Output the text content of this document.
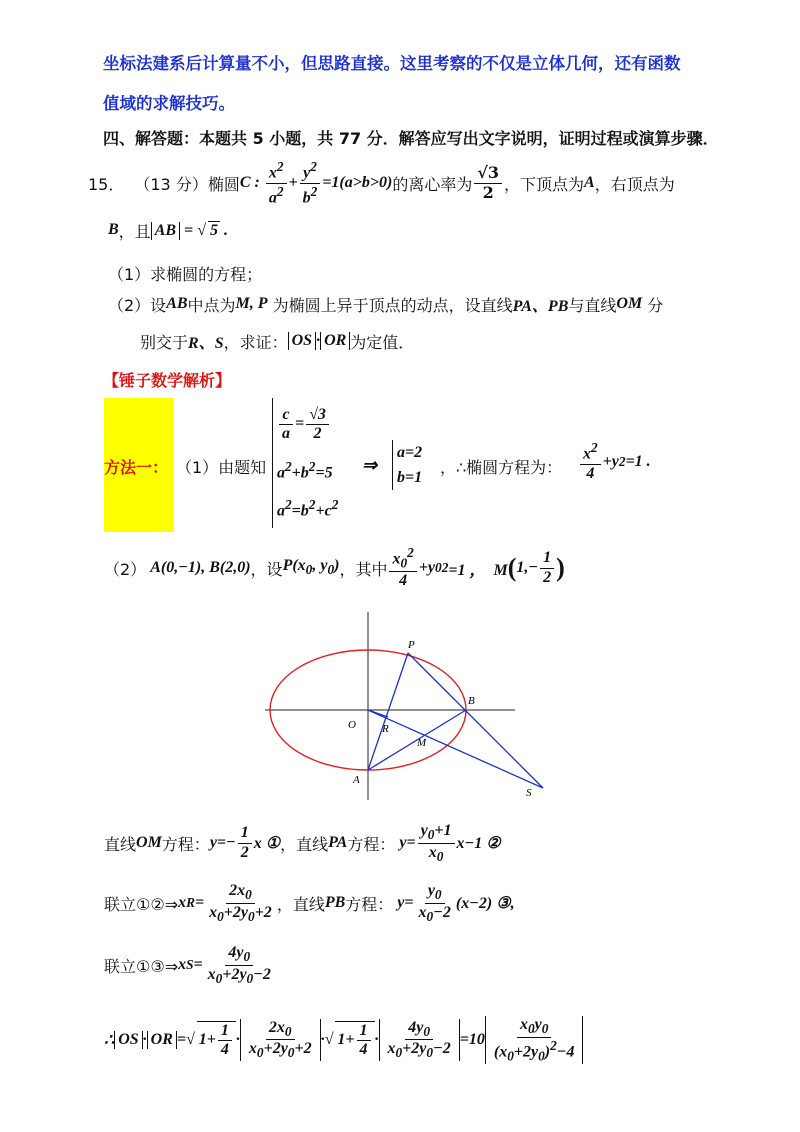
坐标法建系后计算量不小，但思路直接。这里考察的不仅是立体几何，还有函数
值域的求解技巧。
四、解答题：本题共 5 小题，共 77 分．解答应写出文字说明，证明过程或演算步骤．
15． （13 分） 椭圆 C : $\frac{x^2}{a^2} + \frac{y^2}{b^2} =1(a>b>0)$ 的离心率为 $\frac{√3}{2}$ ，下顶点为 A ，右顶点为
B ，且 AB = √ 5 .
（1）求椭圆的方程；
（2）设 AB 中点为 M, P
为椭圆上异于顶点的动点，设直线 PA、PB 与直线 OM
分
别交于 R、S ，求证： OS · OR 为定值．
【锤子数学解析】
方法一： （1）由题知
$\frac{c}{a} = \frac{√3}{2}$
$a^2+b^2=5$
$a^2=b^2+c^2$
⇒
a=2
b=1 ，∴椭圆方程为： $\frac{x^2}{4} +y$ 2 =1 .
（2） A(0,−1), B(2,0) ，设 $P(x_0$, $y_0$) ，其中 $\frac{x_0^2}{4} +y$ 0 2 =1 ，  M ( $1,- \frac{1}{2}$ )
P
B
O R
M
A
S
直线 OM 方程： $y=- \frac{1}{2}$ x ① ，直线 PA 方程： $y= \frac{y_0+1}{x_0} x-1$ ②
联立①②⇒ x $R = \frac{2x_0}{x_0+2y_0+2}$ ，直线 PB 方程： $y= \frac{y_0}{x_0-2} (x-2)$ ③,
联立①③⇒ x $S = \frac{4y_0}{x_0+2y_0-2}$
∴ OS · OR =√ $1+ \frac{1}{4} \cdot \frac{2x_0}{x_0+2y_0+2}$ ·√ $1+ \frac{1}{4} \cdot \frac{4y_0}{x_0+2y_0-2} =10 \frac{x_0y_0}{(x_0+2y_0)^2-4}$
